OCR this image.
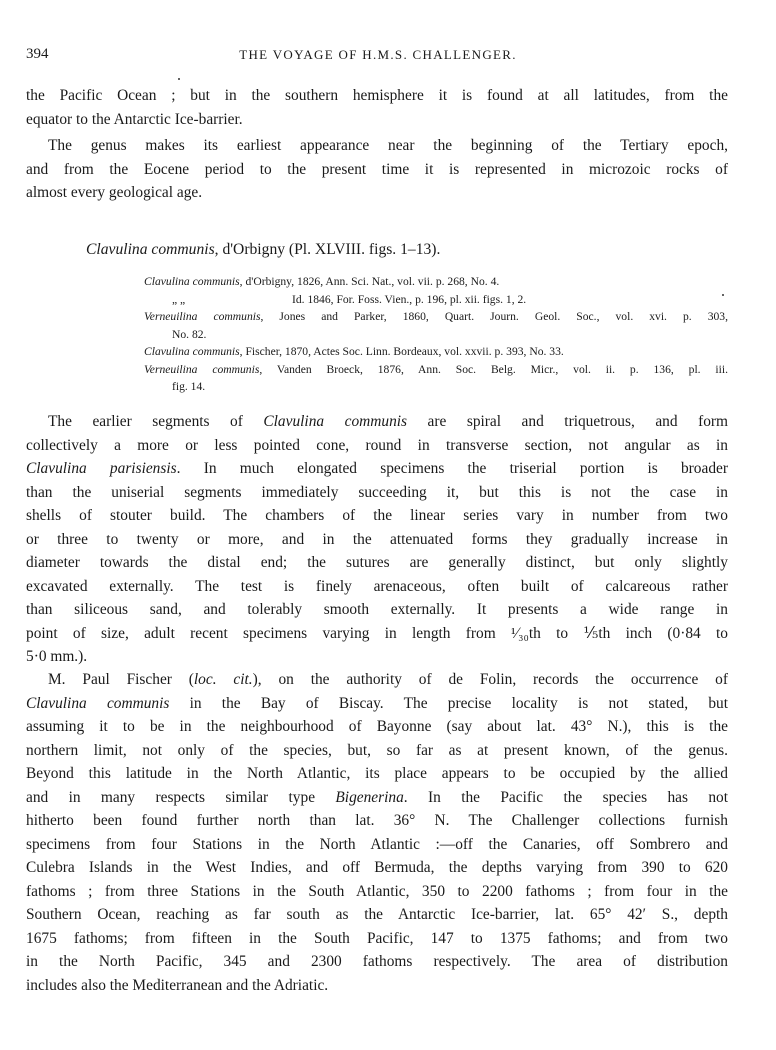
394	THE VOYAGE OF H.M.S. CHALLENGER.
the Pacific Ocean ; but in the southern hemisphere it is found at all latitudes, from the
equator to the Antarctic Ice-barrier.
The genus makes its earliest appearance near the beginning of the Tertiary epoch,
and from the Eocene period to the present time it is represented in microzoic rocks of
almost every geological age.
Clavulina communis, d'Orbigny (Pl. XLVIII. figs. 1–13).
Clavulina communis, d'Orbigny, 1826, Ann. Sci. Nat., vol. vii. p. 268, No. 4.
„ „	Id. 1846, For. Foss. Vien., p. 196, pl. xii. figs. 1, 2.
Verneuilina communis, Jones and Parker, 1860, Quart. Journ. Geol. Soc., vol. xvi. p. 303,
No. 82.
Clavulina communis, Fischer, 1870, Actes Soc. Linn. Bordeaux, vol. xxvii. p. 393, No. 33.
Verneuilina communis, Vanden Broeck, 1876, Ann. Soc. Belg. Micr., vol. ii. p. 136, pl. iii.
fig. 14.
The earlier segments of Clavulina communis are spiral and triquetrous, and form
collectively a more or less pointed cone, round in transverse section, not angular as in
Clavulina parisiensis. In much elongated specimens the triserial portion is broader
than the uniserial segments immediately succeeding it, but this is not the case in
shells of stouter build. The chambers of the linear series vary in number from two
or three to twenty or more, and in the attenuated forms they gradually increase in
diameter towards the distal end; the sutures are generally distinct, but only slightly
excavated externally. The test is finely arenaceous, often built of calcareous rather
than siliceous sand, and tolerably smooth externally. It presents a wide range in
point of size, adult recent specimens varying in length from ¹⁄₃₀th to ⅕th inch (0·84 to
5·0 mm.).
M. Paul Fischer (loc. cit.), on the authority of de Folin, records the occurrence of
Clavulina communis in the Bay of Biscay. The precise locality is not stated, but
assuming it to be in the neighbourhood of Bayonne (say about lat. 43° N.), this is the
northern limit, not only of the species, but, so far as at present known, of the genus.
Beyond this latitude in the North Atlantic, its place appears to be occupied by the allied
and in many respects similar type Bigenerina. In the Pacific the species has not
hitherto been found further north than lat. 36° N. The Challenger collections furnish
specimens from four Stations in the North Atlantic :—off the Canaries, off Sombrero and
Culebra Islands in the West Indies, and off Bermuda, the depths varying from 390 to 620
fathoms ; from three Stations in the South Atlantic, 350 to 2200 fathoms ; from four in the
Southern Ocean, reaching as far south as the Antarctic Ice-barrier, lat. 65° 42′ S., depth
1675 fathoms; from fifteen in the South Pacific, 147 to 1375 fathoms; and from two
in the North Pacific, 345 and 2300 fathoms respectively. The area of distribution
includes also the Mediterranean and the Adriatic.
